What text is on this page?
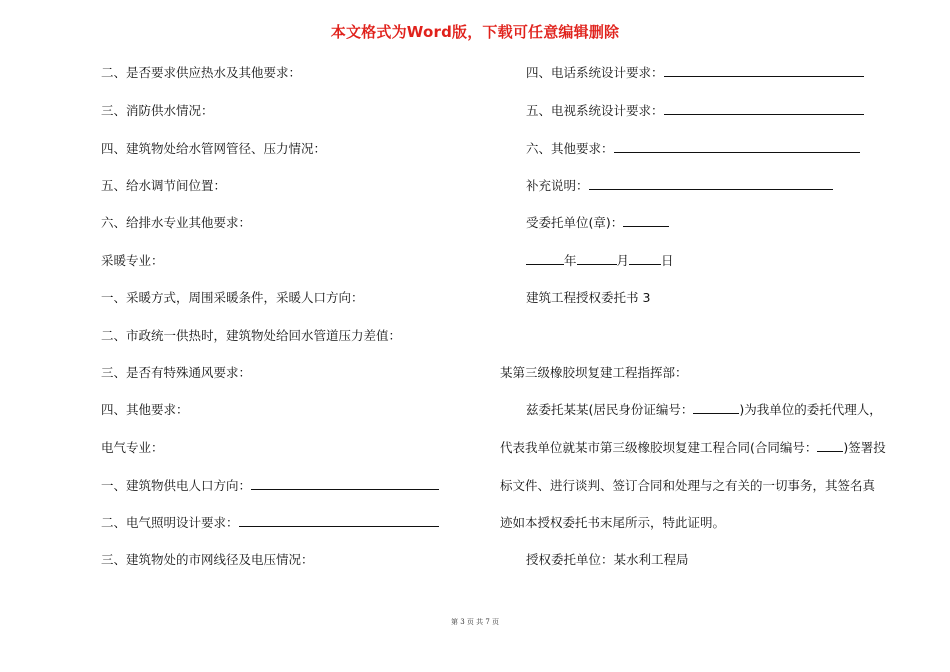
本文格式为Word版，下载可任意编辑删除
二、是否要求供应热水及其他要求：
三、消防供水情况：
四、建筑物处给水管网管径、压力情况：
五、给水调节间位置：
六、给排水专业其他要求：
采暖专业：
一、采暖方式，周围采暖条件，采暖人口方向：
二、市政统一供热时，建筑物处给回水管道压力差值：
三、是否有特殊通风要求：
四、其他要求：
电气专业：
一、建筑物供电人口方向：
二、电气照明设计要求：
三、建筑物处的市网线径及电压情况：
四、电话系统设计要求：
五、电视系统设计要求：
六、其他要求：
补充说明：
受委托单位(章)：
年	月	日
建筑工程授权委托书 3
某第三级橡胶坝复建工程指挥部：
兹委托某某(居民身份证编号：	)为我单位的委托代理人，
代表我单位就某市第三级橡胶坝复建工程合同(合同编号： )签署投
标文件、进行谈判、签订合同和处理与之有关的一切事务，其签名真
迹如本授权委托书末尾所示，特此证明。
授权委托单位：某水利工程局
第 3 页 共 7 页
